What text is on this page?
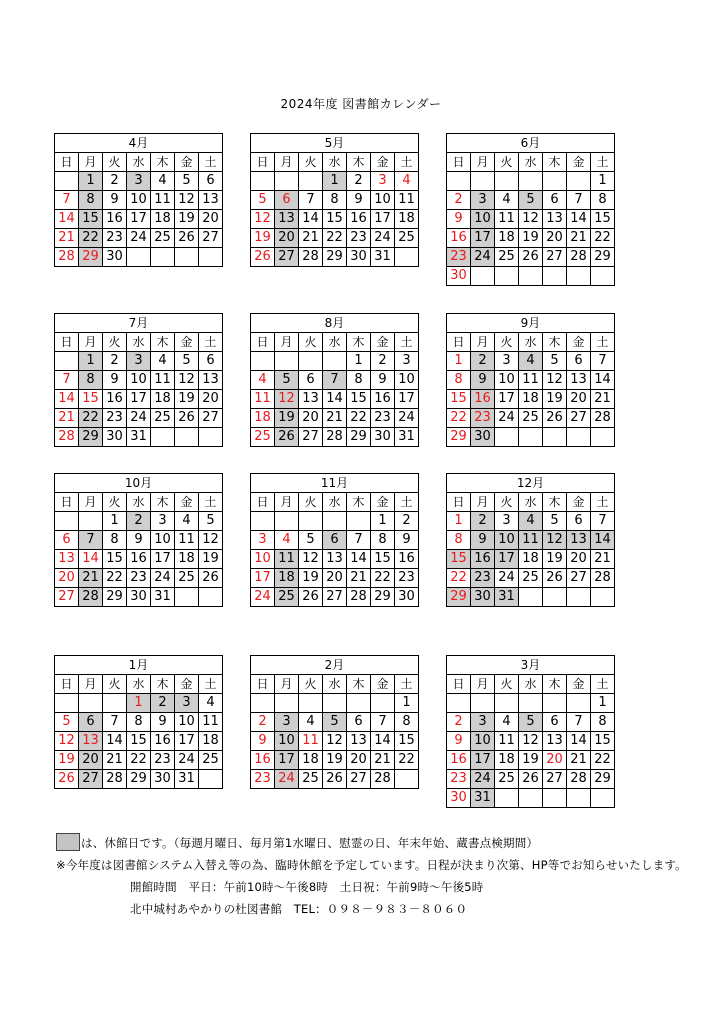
2024年度 図書館カレンダー
4月						
日	月	火	水	木	金	土
	1	2	3	4	5	6
7	8	9	10	11	12	13
14	15	16	17	18	19	20
21	22	23	24	25	26	27
28	29	30				
5月						
日	月	火	水	木	金	土
			1	2	3	4
5	6	7	8	9	10	11
12	13	14	15	16	17	18
19	20	21	22	23	24	25
26	27	28	29	30	31	
6月						
日	月	火	水	木	金	土
						1
2	3	4	5	6	7	8
9	10	11	12	13	14	15
16	17	18	19	20	21	22
23	24	25	26	27	28	29
30						
7月						
日	月	火	水	木	金	土
	1	2	3	4	5	6
7	8	9	10	11	12	13
14	15	16	17	18	19	20
21	22	23	24	25	26	27
28	29	30	31			
8月						
日	月	火	水	木	金	土
				1	2	3
4	5	6	7	8	9	10
11	12	13	14	15	16	17
18	19	20	21	22	23	24
25	26	27	28	29	30	31
9月						
日	月	火	水	木	金	土
1	2	3	4	5	6	7
8	9	10	11	12	13	14
15	16	17	18	19	20	21
22	23	24	25	26	27	28
29	30					
10月						
日	月	火	水	木	金	土
		1	2	3	4	5
6	7	8	9	10	11	12
13	14	15	16	17	18	19
20	21	22	23	24	25	26
27	28	29	30	31		
11月						
日	月	火	水	木	金	土
					1	2
3	4	5	6	7	8	9
10	11	12	13	14	15	16
17	18	19	20	21	22	23
24	25	26	27	28	29	30
12月						
日	月	火	水	木	金	土
1	2	3	4	5	6	7
8	9	10	11	12	13	14
15	16	17	18	19	20	21
22	23	24	25	26	27	28
29	30	31				
1月						
日	月	火	水	木	金	土
			1	2	3	4
5	6	7	8	9	10	11
12	13	14	15	16	17	18
19	20	21	22	23	24	25
26	27	28	29	30	31	
2月						
日	月	火	水	木	金	土
						1
2	3	4	5	6	7	8
9	10	11	12	13	14	15
16	17	18	19	20	21	22
23	24	25	26	27	28	
3月						
日	月	火	水	木	金	土
						1
2	3	4	5	6	7	8
9	10	11	12	13	14	15
16	17	18	19	20	21	22
23	24	25	26	27	28	29
30	31					
は、休館日です。（毎週月曜日、毎月第1水曜日、慰霊の日、年末年始、蔵書点検期間）
※今年度は図書館システム入替え等の為、臨時休館を予定しています。日程が決まり次第、HP等でお知らせいたします。
開館時間　平日：午前10時～午後8時　土日祝：午前9時～午後5時
北中城村あやかりの杜図書館　TEL：０９８－９８３－８０６０
